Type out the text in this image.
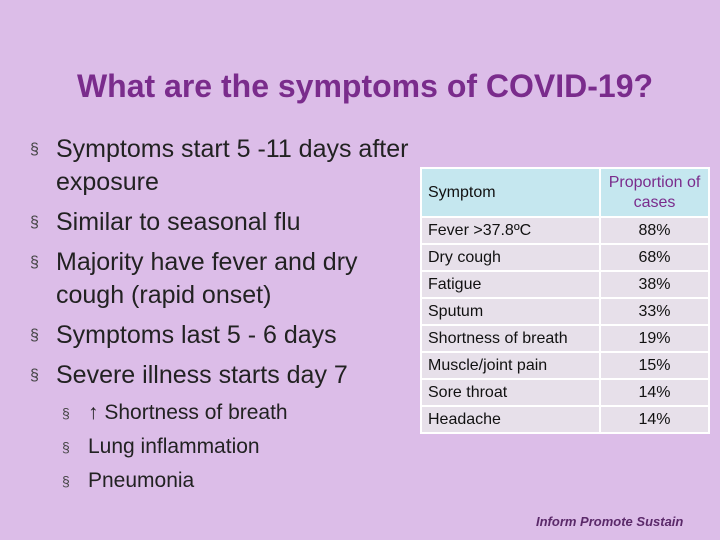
What are the symptoms of COVID-19?
§ Symptoms start 5 -11 days after exposure
§ Similar to seasonal flu
§ Majority have fever and dry cough (rapid onset)
§ Symptoms last 5 - 6 days
§ Severe illness starts day 7
§ ↑ Shortness of breath
§ Lung inflammation
§ Pneumonia
Symptom	Proportion of cases
Fever >37.8ºC	88%
Dry cough	68%
Fatigue	38%
Sputum	33%
Shortness of breath	19%
Muscle/joint pain	15%
Sore throat	14%
Headache	14%
Inform Promote Sustain
